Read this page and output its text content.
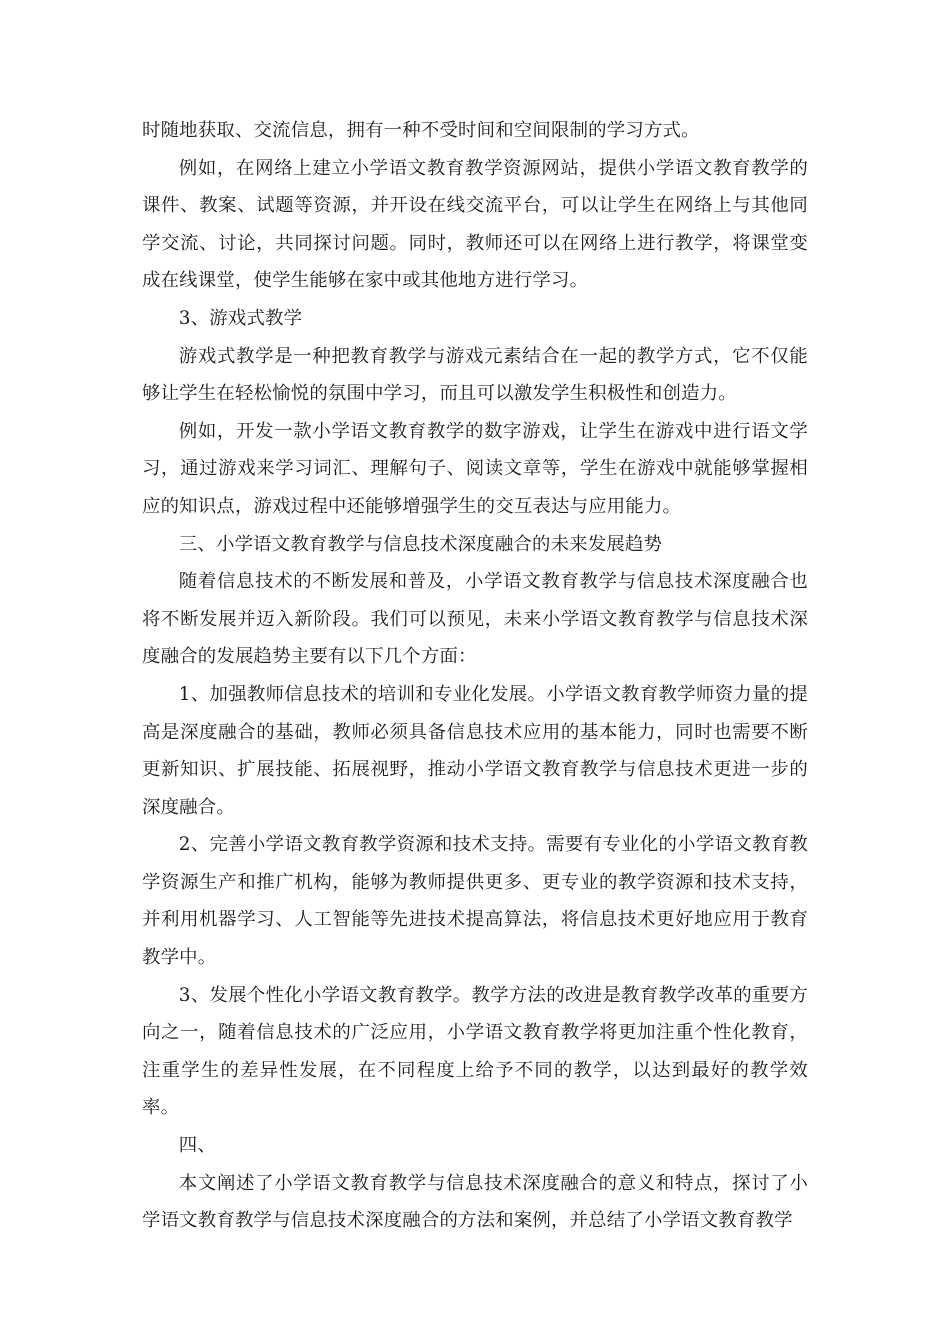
时随地获取、交流信息，拥有一种不受时间和空间限制的学习方式。

例如，在网络上建立小学语文教育教学资源网站，提供小学语文教育教学的课件、教案、试题等资源，并开设在线交流平台，可以让学生在网络上与其他同学交流、讨论，共同探讨问题。同时，教师还可以在网络上进行教学，将课堂变成在线课堂，使学生能够在家中或其他地方进行学习。

3、游戏式教学

游戏式教学是一种把教育教学与游戏元素结合在一起的教学方式，它不仅能够让学生在轻松愉悦的氛围中学习，而且可以激发学生积极性和创造力。

例如，开发一款小学语文教育教学的数字游戏，让学生在游戏中进行语文学习，通过游戏来学习词汇、理解句子、阅读文章等，学生在游戏中就能够掌握相应的知识点，游戏过程中还能够增强学生的交互表达与应用能力。

三、小学语文教育教学与信息技术深度融合的未来发展趋势

随着信息技术的不断发展和普及，小学语文教育教学与信息技术深度融合也将不断发展并迈入新阶段。我们可以预见，未来小学语文教育教学与信息技术深度融合的发展趋势主要有以下几个方面：

1、加强教师信息技术的培训和专业化发展。小学语文教育教学师资力量的提高是深度融合的基础，教师必须具备信息技术应用的基本能力，同时也需要不断更新知识、扩展技能、拓展视野，推动小学语文教育教学与信息技术更进一步的深度融合。

2、完善小学语文教育教学资源和技术支持。需要有专业化的小学语文教育教学资源生产和推广机构，能够为教师提供更多、更专业的教学资源和技术支持，并利用机器学习、人工智能等先进技术提高算法，将信息技术更好地应用于教育教学中。

3、发展个性化小学语文教育教学。教学方法的改进是教育教学改革的重要方向之一，随着信息技术的广泛应用，小学语文教育教学将更加注重个性化教育，注重学生的差异性发展，在不同程度上给予不同的教学，以达到最好的教学效率。

四、

本文阐述了小学语文教育教学与信息技术深度融合的意义和特点，探讨了小学语文教育教学与信息技术深度融合的方法和案例，并总结了小学语文教育教学
